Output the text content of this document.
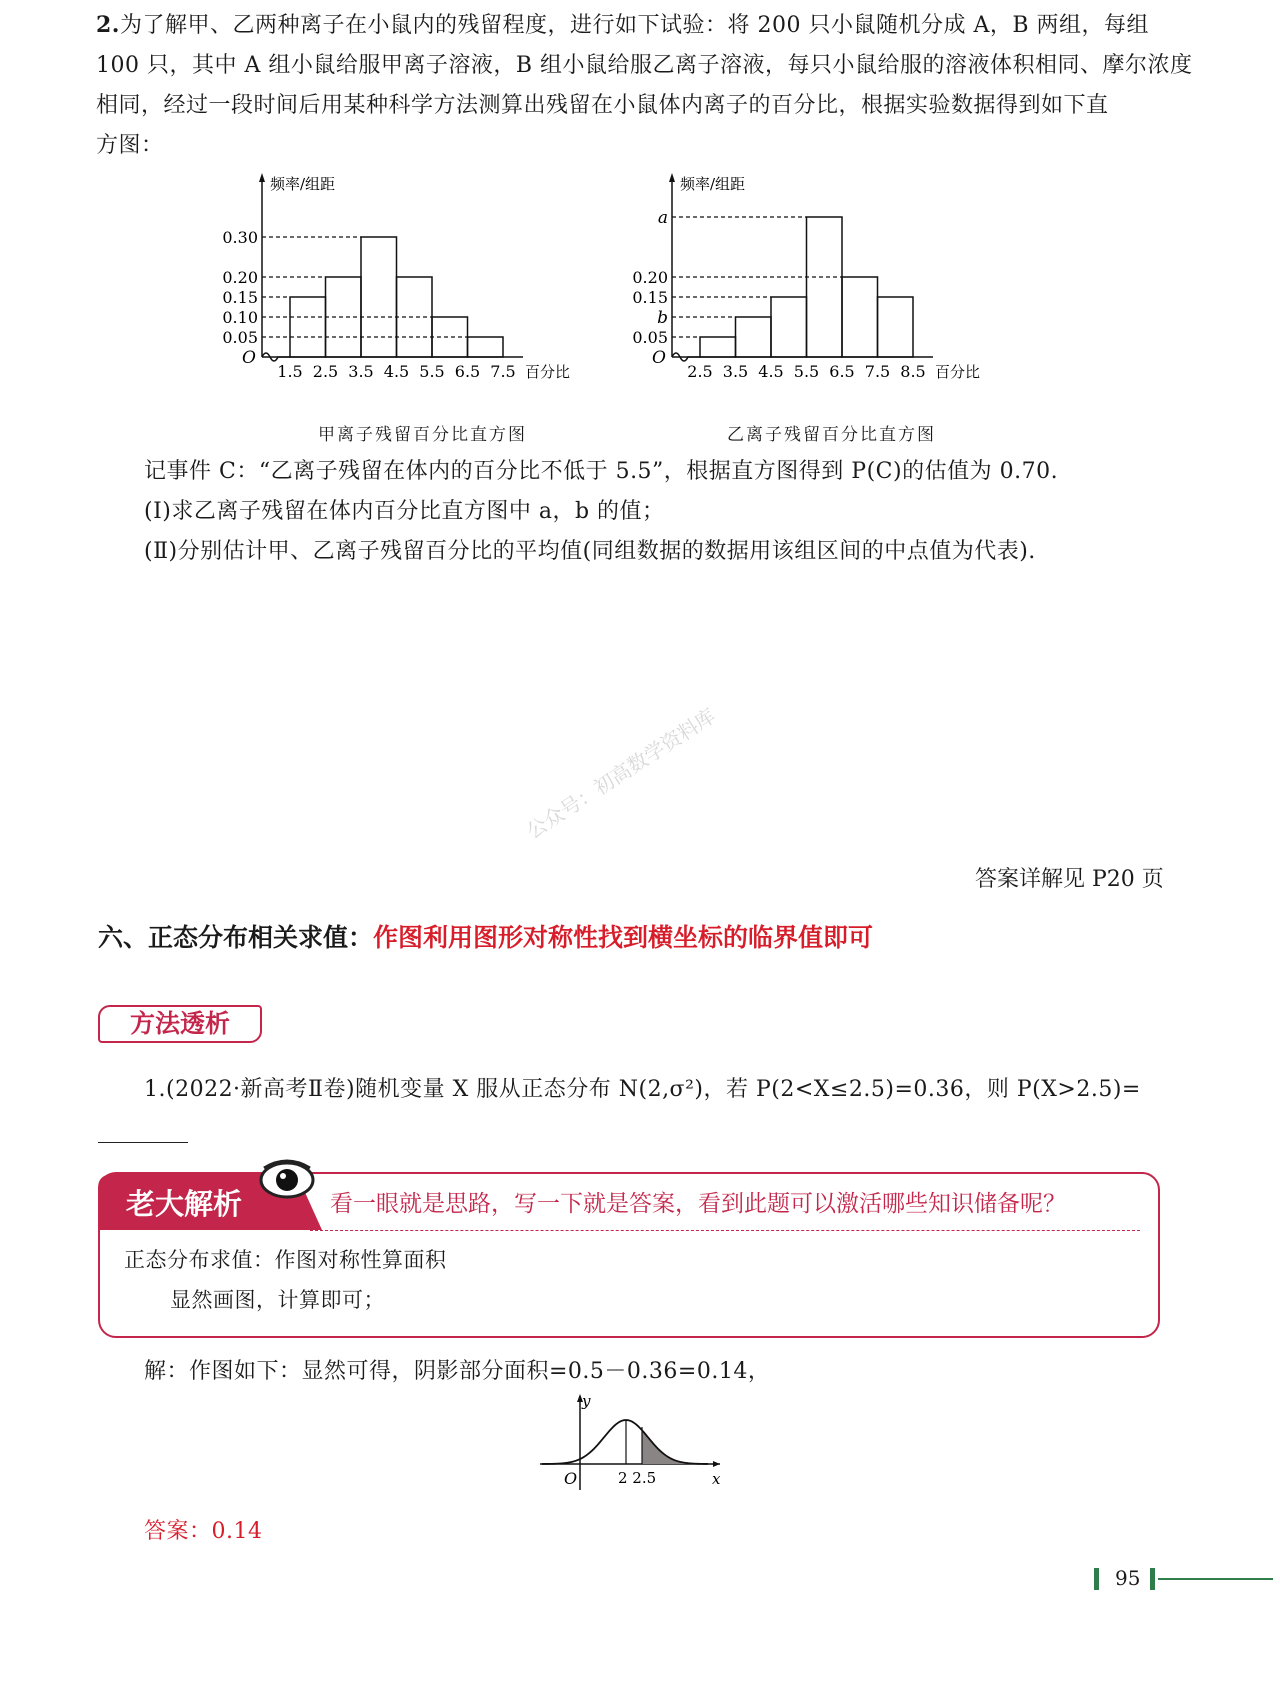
2.为了解甲、乙两种离子在小鼠内的残留程度，进行如下试验：将 200 只小鼠随机分成 A，B 两组，每组
100 只，其中 A 组小鼠给服甲离子溶液，B 组小鼠给服乙离子溶液，每只小鼠给服的溶液体积相同、摩尔浓度
相同，经过一段时间后用某种科学方法测算出残留在小鼠体内离子的百分比，根据实验数据得到如下直
方图：
频率/组距
O
0.30
0.20
0.15
0.10
0.05
1.5 2.5 3.5 4.5 5.5 6.5 7.5 百分比
甲离子残留百分比直方图
频率/组距
O
a
0.20
0.15
b
0.05
2.5 3.5 4.5 5.5 6.5 7.5 8.5 百分比
乙离子残留百分比直方图
记事件 C：“乙离子残留在体内的百分比不低于 5.5”，根据直方图得到 P(C)的估值为 0.70.
(Ⅰ)求乙离子残留在体内百分比直方图中 a，b 的值；
(Ⅱ)分别估计甲、乙离子残留百分比的平均值(同组数据的数据用该组区间的中点值为代表).
公众号：初高数学资料库
答案详解见 P20 页
六、正态分布相关求值：作图利用图形对称性找到横坐标的临界值即可
方法透析
1.(2022·新高考Ⅱ卷)随机变量 X 服从正态分布 N(2,σ²)，若 P(2<X≤2.5)=0.36，则 P(X>2.5)=
老大解析	看一眼就是思路，写一下就是答案，看到此题可以激活哪些知识储备呢？
正态分布求值：作图对称性算面积
显然画图，计算即可；
解：作图如下：显然可得，阴影部分面积=0.5－0.36=0.14，
y
x
O	2 2.5
答案：0.14
95
